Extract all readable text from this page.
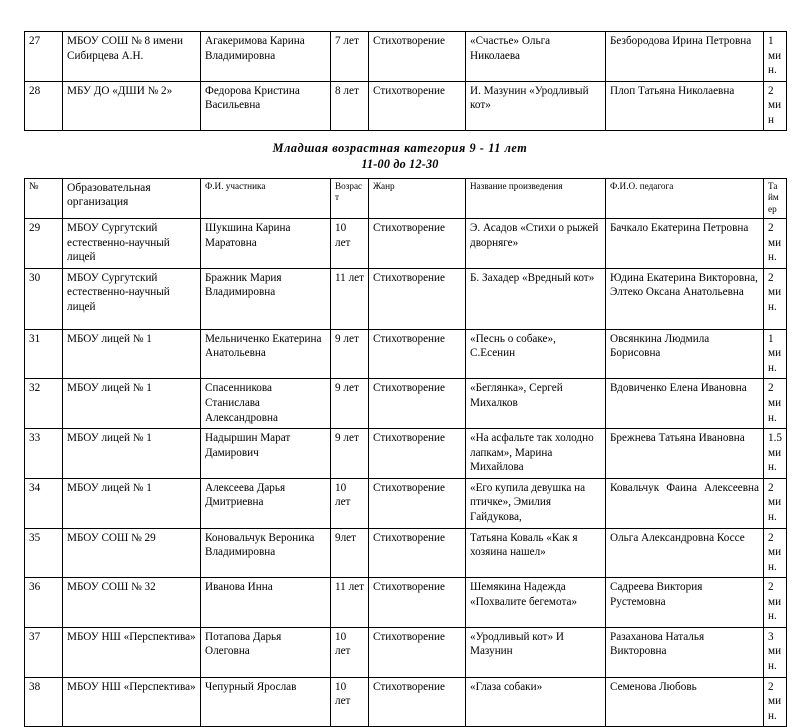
27	МБОУ СОШ № 8 имени Сибирцева А.Н.	Агакеримова Карина Владимировна	7 лет	Стихотворение	«Счастье» Ольга Николаева	Безбородова Ирина Петровна	1 мин.
28	МБУ ДО «ДШИ № 2»	Федорова Кристина Васильевна	8 лет	Стихотворение	И. Мазунин «Уродливый кот»	Плоп Татьяна Николаевна	2 мин
Младшая возрастная категория 9 - 11 лет
11-00 до 12-30
№	Образовательная организация	Ф.И. участника	Возраст	Жанр	Название произведения	Ф.И.О. педагога	Таймер
29	МБОУ Сургутский естественно-научный лицей	Шукшина Карина Маратовна	10 лет	Стихотворение	Э. Асадов «Стихи о рыжей дворняге»	Бачкало Екатерина Петровна	2 мин.
30	МБОУ Сургутский естественно-научный лицей	Бражник Мария Владимировна	11 лет	Стихотворение	Б. Захадер «Вредный кот»	Юдина Екатерина Викторовна, Элтеко Оксана Анатольевна	2 мин.
31	МБОУ лицей № 1	Мельниченко Екатерина Анатольевна	9 лет	Стихотворение	«Песнь о собаке», С.Есенин	Овсянкина Людмила Борисовна	1 мин.
32	МБОУ лицей № 1	Спасенникова Станислава Александровна	9 лет	Стихотворение	«Беглянка», Сергей Михалков	Вдовиченко Елена Ивановна	2 мин.
33	МБОУ лицей № 1	Надыршин Марат Дамирович	9 лет	Стихотворение	«На асфальте так холодно лапкам», Марина Михайлова	Брежнева Татьяна Ивановна	1.5 мин.
34	МБОУ лицей № 1	Алексеева Дарья Дмитриевна	10 лет	Стихотворение	«Его купила девушка на птичке», Эмилия Гайдукова,	Ковальчук Фаина Алексеевна	2 мин.
35	МБОУ СОШ № 29	Коновальчук Вероника Владимировна	9лет	Стихотворение	Татьяна Коваль «Как я хозяина нашел»	Ольга Александровна Коссе	2 мин.
36	МБОУ СОШ № 32	Иванова Инна	11 лет	Стихотворение	Шемякина Надежда «Похвалите бегемота»	Садреева Виктория Рустемовна	2 мин.
37	МБОУ НШ «Перспектива»	Потапова Дарья Олеговна	10 лет	Стихотворение	«Уродливый кот» И Мазунин	Разаханова Наталья Викторовна	3 мин.
38	МБОУ НШ «Перспектива»	Чепурный Ярослав	10 лет	Стихотворение	«Глаза собаки»	Семенова Любовь	2 мин.
